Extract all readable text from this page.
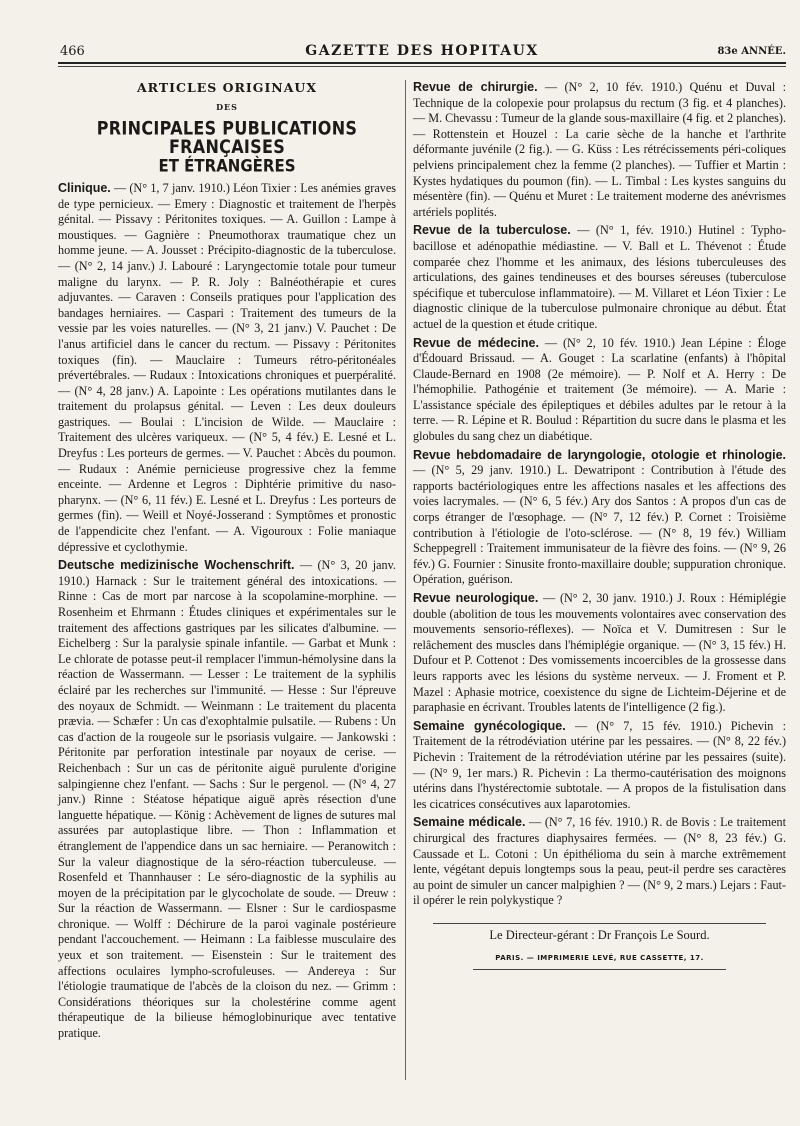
466	GAZETTE DES HOPITAUX	83e ANNÉE.
ARTICLES ORIGINAUX
DES
PRINCIPALES PUBLICATIONS FRANÇAISES
ET ÉTRANGÈRES

Clinique. — (N° 1, 7 janv. 1910.) Léon Tixier : Les anémies graves de type pernicieux. — Emery : Diagnostic et traitement de l'herpès génital. — Pissavy : Péritonites toxiques. — A. Guillon : Lampe à moustiques. — Gagnière : Pneumothorax traumatique chez un homme jeune. — A. Jousset : Précipito-diagnostic de la tuberculose. — (N° 2, 14 janv.) J. Labouré : Laryngectomie totale pour tumeur maligne du larynx. — P. R. Joly : Balnéothérapie et cures adjuvantes. — Caraven : Conseils pratiques pour l'application des bandages herniaires. — Caspari : Traitement des tumeurs de la vessie par les voies naturelles. — (N° 3, 21 janv.) V. Pauchet : De l'anus artificiel dans le cancer du rectum. — Pissavy : Péritonites toxiques (fin). — Mauclaire : Tumeurs rétro-péritonéales prévertébrales. — Rudaux : Intoxications chroniques et puerpéralité. — (N° 4, 28 janv.) A. Lapointe : Les opérations mutilantes dans le traitement du prolapsus génital. — Leven : Les deux douleurs gastriques. — Boulai : L'incision de Wilde. — Mauclaire : Traitement des ulcères variqueux. — (N° 5, 4 fév.) E. Lesné et L. Dreyfus : Les porteurs de germes. — V. Pauchet : Abcès du poumon. — Rudaux : Anémie pernicieuse progressive chez la femme enceinte. — Ardenne et Legros : Diphtérie primitive du naso-pharynx. — (N° 6, 11 fév.) E. Lesné et L. Dreyfus : Les porteurs de germes (fin). — Weill et Noyé-Josserand : Symptômes et pronostic de l'appendicite chez l'enfant. — A. Vigouroux : Folie maniaque dépressive et cyclothymie.

Deutsche medizinische Wochenschrift. — (N° 3, 20 janv. 1910.) Harnack : Sur le traitement général des intoxications. — Rinne : Cas de mort par narcose à la scopolamine-morphine. — Rosenheim et Ehrmann : Études cliniques et expérimentales sur le traitement des affections gastriques par les silicates d'albumine. — Eichelberg : Sur la paralysie spinale infantile. — Garbat et Munk : Le chlorate de potasse peut-il remplacer l'immun-hémolysine dans la réaction de Wassermann. — Lesser : Le traitement de la syphilis éclairé par les recherches sur l'immunité. — Hesse : Sur l'épreuve des noyaux de Schmidt. — Weinmann : Le traitement du placenta prævia. — Schæfer : Un cas d'exophtalmie pulsatile. — Rubens : Un cas d'action de la rougeole sur le psoriasis vulgaire. — Jankowski : Péritonite par perforation intestinale par noyaux de cerise. — Reichenbach : Sur un cas de péritonite aiguë purulente d'origine salpingienne chez l'enfant. — Sachs : Sur le pergenol. — (N° 4, 27 janv.) Rinne : Stéatose hépatique aiguë après résection d'une languette hépatique. — König : Achèvement de lignes de sutures mal assurées par autoplastique libre. — Thon : Inflammation et étranglement de l'appendice dans un sac herniaire. — Peranowitch : Sur la valeur diagnostique de la séro-réaction tuberculeuse. — Rosenfeld et Thannhauser : Le séro-diagnostic de la syphilis au moyen de la précipitation par le glycocholate de soude. — Dreuw : Sur la réaction de Wassermann. — Elsner : Sur le cardiospasme chronique. — Wolff : Déchirure de la paroi vaginale postérieure pendant l'accouchement. — Heimann : La faiblesse musculaire des yeux et son traitement. — Eisenstein : Sur le traitement des affections oculaires lympho-scrofuleuses. — Andereya : Sur l'étiologie traumatique de l'abcès de la cloison du nez. — Grimm : Considérations théoriques sur la cholestérine comme agent thérapeutique de la bilieuse hémoglobinurique avec tentative pratique.

Revue de chirurgie. — (N° 2, 10 fév. 1910.) Quénu et Duval : Technique de la colopexie pour prolapsus du rectum (3 fig. et 4 planches). — M. Chevassu : Tumeur de la glande sous-maxillaire (4 fig. et 2 planches). — Rottenstein et Houzel : La carie sèche de la hanche et l'arthrite déformante juvénile (2 fig.). — G. Küss : Les rétrécissements péri-coliques pelviens principalement chez la femme (2 planches). — Tuffier et Martin : Kystes hydatiques du poumon (fin). — L. Timbal : Les kystes sanguins du mésentère (fin). — Quénu et Muret : Le traitement moderne des anévrismes artériels poplités.

Revue de la tuberculose. — (N° 1, fév. 1910.) Hutinel : Typho-bacillose et adénopathie médiastine. — V. Ball et L. Thévenot : Étude comparée chez l'homme et les animaux, des lésions tuberculeuses des articulations, des gaines tendineuses et des bourses séreuses (tuberculose spécifique et tuberculose inflammatoire). — M. Villaret et Léon Tixier : Le diagnostic clinique de la tuberculose pulmonaire chronique au début. État actuel de la question et étude critique.

Revue de médecine. — (N° 2, 10 fév. 1910.) Jean Lépine : Éloge d'Édouard Brissaud. — A. Gouget : La scarlatine (enfants) à l'hôpital Claude-Bernard en 1908 (2e mémoire). — P. Nolf et A. Herry : De l'hémophilie. Pathogénie et traitement (3e mémoire). — A. Marie : L'assistance spéciale des épileptiques et débiles adultes par le retour à la terre. — R. Lépine et R. Boulud : Répartition du sucre dans le plasma et les globules du sang chez un diabétique.

Revue hebdomadaire de laryngologie, otologie et rhinologie. — (N° 5, 29 janv. 1910.) L. Dewatripont : Contribution à l'étude des rapports bactériologiques entre les affections nasales et les affections des voies lacrymales. — (N° 6, 5 fév.) Ary dos Santos : A propos d'un cas de corps étranger de l'œsophage. — (N° 7, 12 fév.) P. Cornet : Troisième contribution à l'étiologie de l'oto-sclérose. — (N° 8, 19 fév.) William Scheppegrell : Traitement immunisateur de la fièvre des foins. — (N° 9, 26 fév.) G. Fournier : Sinusite fronto-maxillaire double; suppuration chronique. Opération, guérison.

Revue neurologique. — (N° 2, 30 janv. 1910.) J. Roux : Hémiplégie double (abolition de tous les mouvements volontaires avec conservation des mouvements sensorio-réflexes). — Noïca et V. Dumitresen : Sur le relâchement des muscles dans l'hémiplégie organique. — (N° 3, 15 fév.) H. Dufour et P. Cottenot : Des vomissements incoercibles de la grossesse dans leurs rapports avec les lésions du système nerveux. — J. Froment et P. Mazel : Aphasie motrice, coexistence du signe de Lichteim-Déjerine et de paraphasie en écrivant. Troubles latents de l'intelligence (2 fig.).

Semaine gynécologique. — (N° 7, 15 fév. 1910.) Pichevin : Traitement de la rétrodéviation utérine par les pessaires. — (N° 8, 22 fév.) Pichevin : Traitement de la rétrodéviation utérine par les pessaires (suite). — (N° 9, 1er mars.) R. Pichevin : La thermo-cautérisation des moignons utérins dans l'hystérectomie subtotale. — A propos de la fistulisation dans les cicatrices consécutives aux laparotomies.

Semaine médicale. — (N° 7, 16 fév. 1910.) R. de Bovis : Le traitement chirurgical des fractures diaphysaires fermées. — (N° 8, 23 fév.) G. Caussade et L. Cotoni : Un épithélioma du sein à marche extrêmement lente, végétant depuis longtemps sous la peau, peut-il perdre ses caractères au point de simuler un cancer malpighien ? — (N° 9, 2 mars.) Lejars : Faut-il opérer le rein polykystique ?

Le Directeur-gérant : Dr François Le Sourd.
PARIS. — IMPRIMERIE LEVÉ, RUE CASSETTE, 17.
